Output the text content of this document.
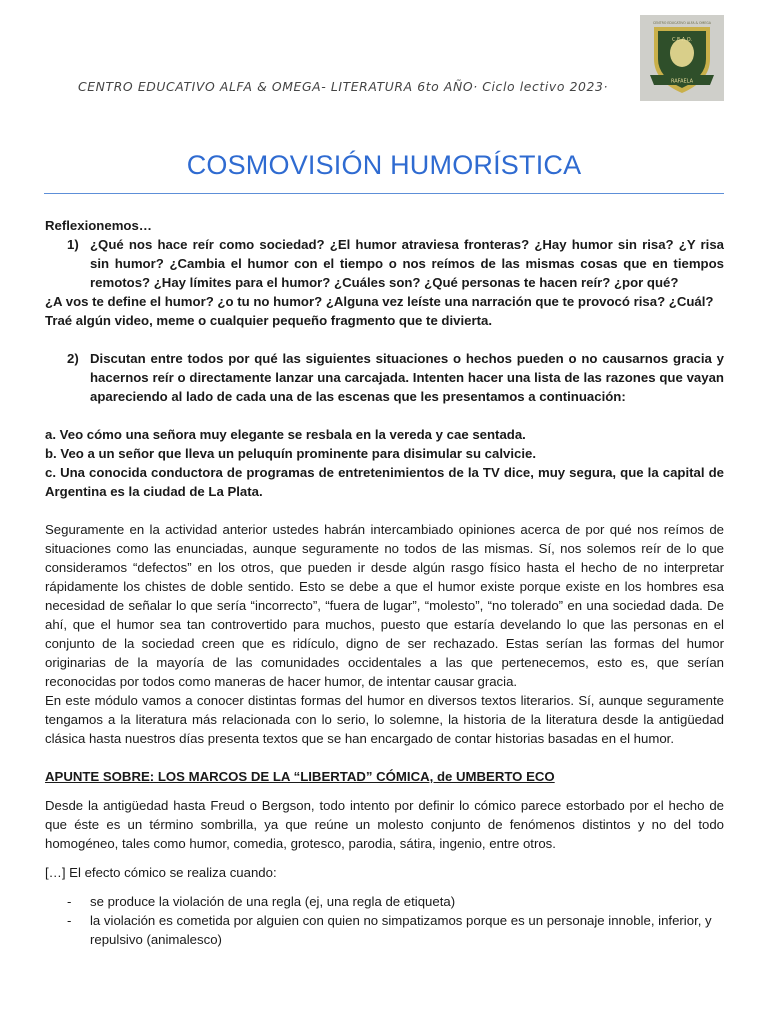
CENTRO EDUCATIVO ALFA & OMEGA- LITERATURA 6to AÑO· Ciclo lectivo 2023·
C.E.A.O.
RAFAELA
CENTRO EDUCATIVO ALFA & OMEGA
COSMOVISIÓN HUMORÍSTICA

Reflexionemos…

1) ¿Qué nos hace reír como sociedad? ¿El humor atraviesa fronteras? ¿Hay humor sin risa? ¿Y risa sin humor? ¿Cambia el humor con el tiempo o nos reímos de las mismas cosas que en tiempos remotos? ¿Hay límites para el humor? ¿Cuáles son? ¿Qué personas te hacen reír? ¿por qué?

¿A vos te define el humor? ¿o tu no humor? ¿Alguna vez leíste una narración que te provocó risa? ¿Cuál?

Traé algún video, meme o cualquier pequeño fragmento que te divierta.

2) Discutan entre todos por qué las siguientes situaciones o hechos pueden o no causarnos gracia y hacernos reír o directamente lanzar una carcajada. Intenten hacer una lista de las razones que vayan apareciendo al lado de cada una de las escenas que les presentamos a continuación:

a. Veo cómo una señora muy elegante se resbala en la vereda y cae sentada.

b. Veo a un señor que lleva un peluquín prominente para disimular su calvicie.

c. Una conocida conductora de programas de entretenimientos de la TV dice, muy segura, que la capital de Argentina es la ciudad de La Plata.

Seguramente en la actividad anterior ustedes habrán intercambiado opiniones acerca de por qué nos reímos de situaciones como las enunciadas, aunque seguramente no todos de las mismas. Sí, nos solemos reír de lo que consideramos “defectos” en los otros, que pueden ir desde algún rasgo físico hasta el hecho de no interpretar rápidamente los chistes de doble sentido. Esto se debe a que el humor existe porque existe en los hombres esa necesidad de señalar lo que sería “incorrecto”, “fuera de lugar”, “molesto”, “no tolerado” en una sociedad dada. De ahí, que el humor sea tan controvertido para muchos, puesto que estaría develando lo que las personas en el conjunto de la sociedad creen que es ridículo, digno de ser rechazado. Estas serían las formas del humor originarias de la mayoría de las comunidades occidentales a las que pertenecemos, esto es, que serían reconocidas por todos como maneras de hacer humor, de intentar causar gracia.

En este módulo vamos a conocer distintas formas del humor en diversos textos literarios. Sí, aunque seguramente tengamos a la literatura más relacionada con lo serio, lo solemne, la historia de la literatura desde la antigüedad clásica hasta nuestros días presenta textos que se han encargado de contar historias basadas en el humor.

APUNTE SOBRE: LOS MARCOS DE LA “LIBERTAD” CÓMICA, de UMBERTO ECO

Desde la antigüedad hasta Freud o Bergson, todo intento por definir lo cómico parece estorbado por el hecho de que éste es un término sombrilla, ya que reúne un molesto conjunto de fenómenos distintos y no del todo homogéneo, tales como humor, comedia, grotesco, parodia, sátira, ingenio, entre otros.

[…] El efecto cómico se realiza cuando:

- se produce la violación de una regla (ej, una regla de etiqueta)
- la violación es cometida por alguien con quien no simpatizamos porque es un personaje innoble, inferior, y repulsivo (animalesco)
